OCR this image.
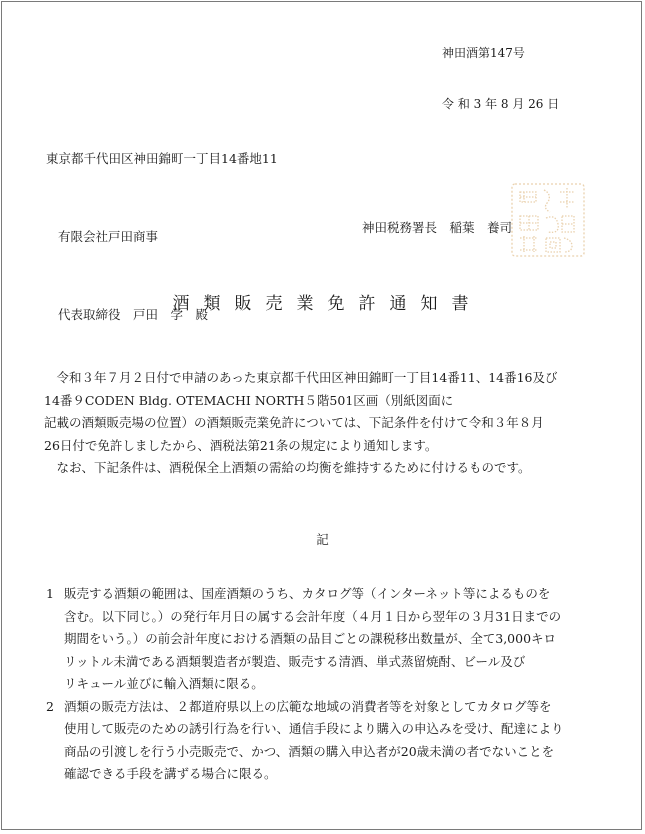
神田酒第147号

令 和 3 年 8 月 26 日

東京都千代田区神田錦町一丁目14番地11

有限会社戸田商事

代表取締役　戸田　学　殿

神田税務署長　稲葉　養司
酒類販売業免許通知書

　令和３年７月２日付で申請のあった東京都千代田区神田錦町一丁目14番11、14番16及び
14番９CODEN Bldg. OTEMACHI NORTH５階501区画（別紙図面に
記載の酒類販売場の位置）の酒類販売業免許については、下記条件を付けて令和３年８月
26日付で免許しましたから、酒税法第21条の規定により通知します。

　なお、下記条件は、酒税保全上酒類の需給の均衡を維持するために付けるものです。

記
1 販売する酒類の範囲は、国産酒類のうち、カタログ等（インターネット等によるものを
含む。以下同じ。）の発行年月日の属する会計年度（４月１日から翌年の３月31日までの
期間をいう。）の前会計年度における酒類の品目ごとの課税移出数量が、全て3,000キロ
リットル未満である酒類製造者が製造、販売する清酒、単式蒸留焼酎、ビール及び
リキュール並びに輸入酒類に限る。
2 酒類の販売方法は、２都道府県以上の広範な地域の消費者等を対象としてカタログ等を
使用して販売のための誘引行為を行い、通信手段により購入の申込みを受け、配達により
商品の引渡しを行う小売販売で、かつ、酒類の購入申込者が20歳未満の者でないことを
確認できる手段を講ずる場合に限る。
